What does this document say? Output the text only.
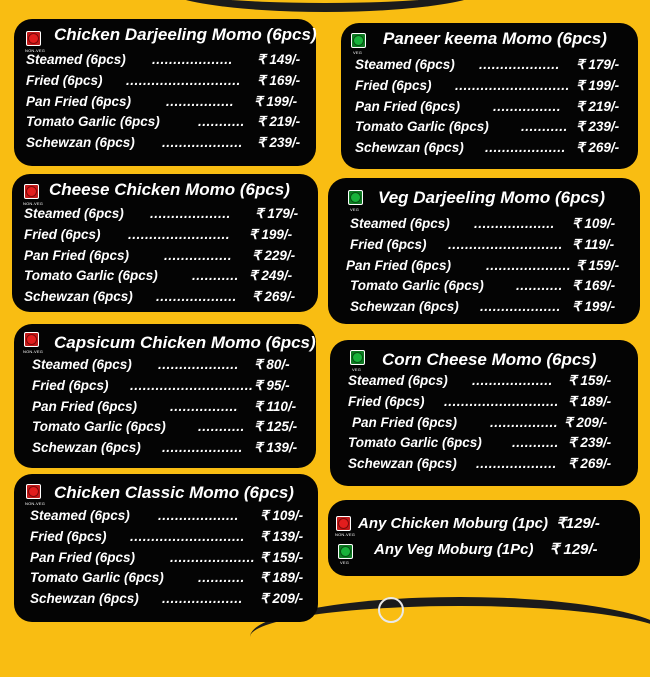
NON-VEG
Chicken Darjeeling Momo (6pcs)
Steamed (6pcs) ...................	₹ 149/-
Fried (6pcs) ...........................	₹ 169/-
Pan Fried (6pcs)	................	₹ 199/-
Tomato Garlic (6pcs)	........... ₹ 219/-
Schewzan (6pcs) ...................	₹ 239/-
VEG
Paneer keema Momo (6pcs)
Steamed (6pcs) ...................	₹ 179/-
Fried (6pcs) ........................... ₹ 199/-
Pan Fried (6pcs) ................	₹ 219/-
Tomato Garlic (6pcs) ........... ₹ 239/-
Schewzan (6pcs) ................... ₹ 269/-
NON-VEG
Cheese Chicken Momo (6pcs)
Steamed (6pcs) ...................	₹ 179/-
Fried (6pcs) ........................	₹ 199/-
Pan Fried (6pcs)	................	₹ 229/-
Tomato Garlic (6pcs)	........... ₹ 249/-
Schewzan (6pcs) ...................	₹ 269/-
VEG
Veg Darjeeling Momo (6pcs)
Steamed (6pcs) ...................	₹ 109/-
Fried (6pcs) ........................... ₹ 119/-
Pan Fried (6pcs)	.................... ₹ 159/-
Tomato Garlic (6pcs) ........... ₹ 169/-
Schewzan (6pcs) ................... ₹ 199/-
NON-VEG Capsicum Chicken Momo (6pcs)
Steamed (6pcs) ...................	₹ 80/-
Fried (6pcs) ............................. ₹ 95/-
Pan Fried (6pcs) ................	₹ 110/-
Tomato Garlic (6pcs) ........... ₹ 125/-
Schewzan (6pcs) ................... ₹ 139/-
VEG
Corn Cheese Momo (6pcs)
Steamed (6pcs) ...................	₹ 159/-
Fried (6pcs) ........................... ₹ 189/-
Pan Fried (6pcs) ................ ₹ 209/-
Tomato Garlic (6pcs) ........... ₹ 239/-
Schewzan (6pcs) ................... ₹ 269/-
NON-VEG
Chicken Classic Momo (6pcs)
Steamed (6pcs) ...................	₹ 109/-
Fried (6pcs) ...........................	₹ 139/-
Pan Fried (6pcs)	.................... ₹ 159/-
Tomato Garlic (6pcs)	...........	₹ 189/-
Schewzan (6pcs) ...................	₹ 209/-
NON-VEG
Any Chicken Moburg (1pc) ₹129/-
VEG
Any Veg Moburg (1Pc) ₹ 129/-
